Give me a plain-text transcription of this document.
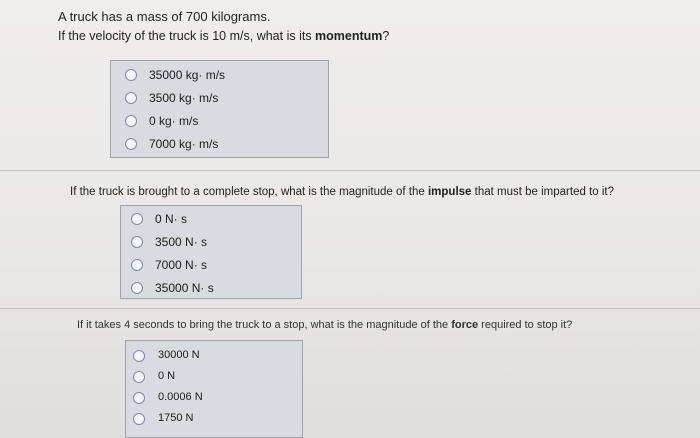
A truck has a mass of 700 kilograms.
If the velocity of the truck is 10 m/s, what is its momentum?
35000 kg· m/s
3500 kg· m/s
0 kg· m/s
7000 kg· m/s
If the truck is brought to a complete stop, what is the magnitude of the impulse that must be imparted to it?
0 N· s
3500 N· s
7000 N· s
35000 N· s
If it takes 4 seconds to bring the truck to a stop, what is the magnitude of the force required to stop it?
30000 N
0 N
0.0006 N
1750 N
